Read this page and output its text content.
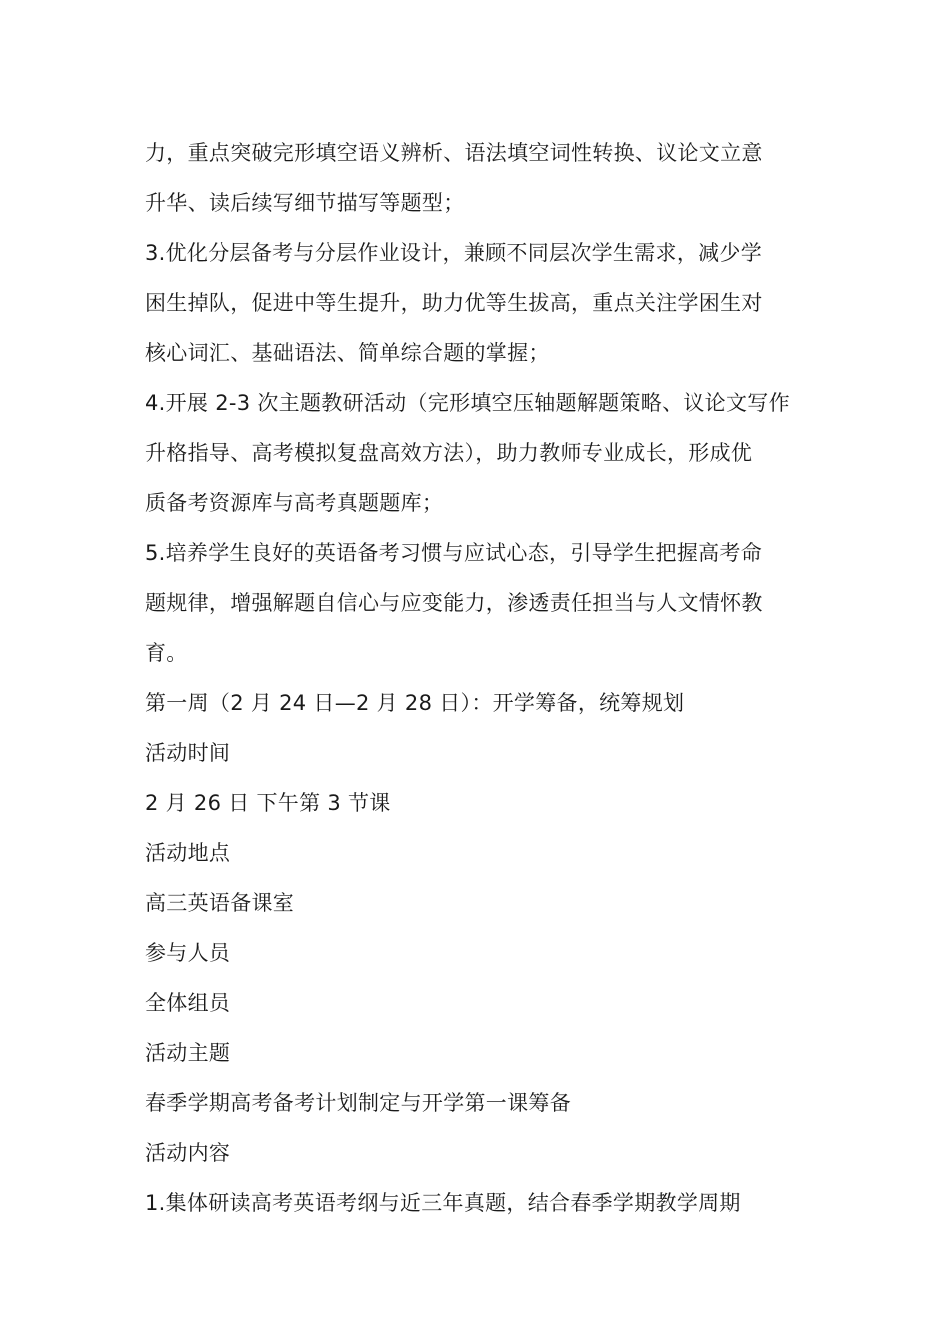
力，重点突破完形填空语义辨析、语法填空词性转换、议论文立意
升华、读后续写细节描写等题型；
3.优化分层备考与分层作业设计，兼顾不同层次学生需求，减少学
困生掉队，促进中等生提升，助力优等生拔高，重点关注学困生对
核心词汇、基础语法、简单综合题的掌握；
4.开展 2-3 次主题教研活动（完形填空压轴题解题策略、议论文写作
升格指导、高考模拟复盘高效方法），助力教师专业成长，形成优
质备考资源库与高考真题题库；
5.培养学生良好的英语备考习惯与应试心态，引导学生把握高考命
题规律，增强解题自信心与应变能力，渗透责任担当与人文情怀教
育。
第一周（2 月 24 日—2 月 28 日）：开学筹备，统筹规划
活动时间
2 月 26 日 下午第 3 节课
活动地点
高三英语备课室
参与人员
全体组员
活动主题
春季学期高考备考计划制定与开学第一课筹备
活动内容
1.集体研读高考英语考纲与近三年真题，结合春季学期教学周期
